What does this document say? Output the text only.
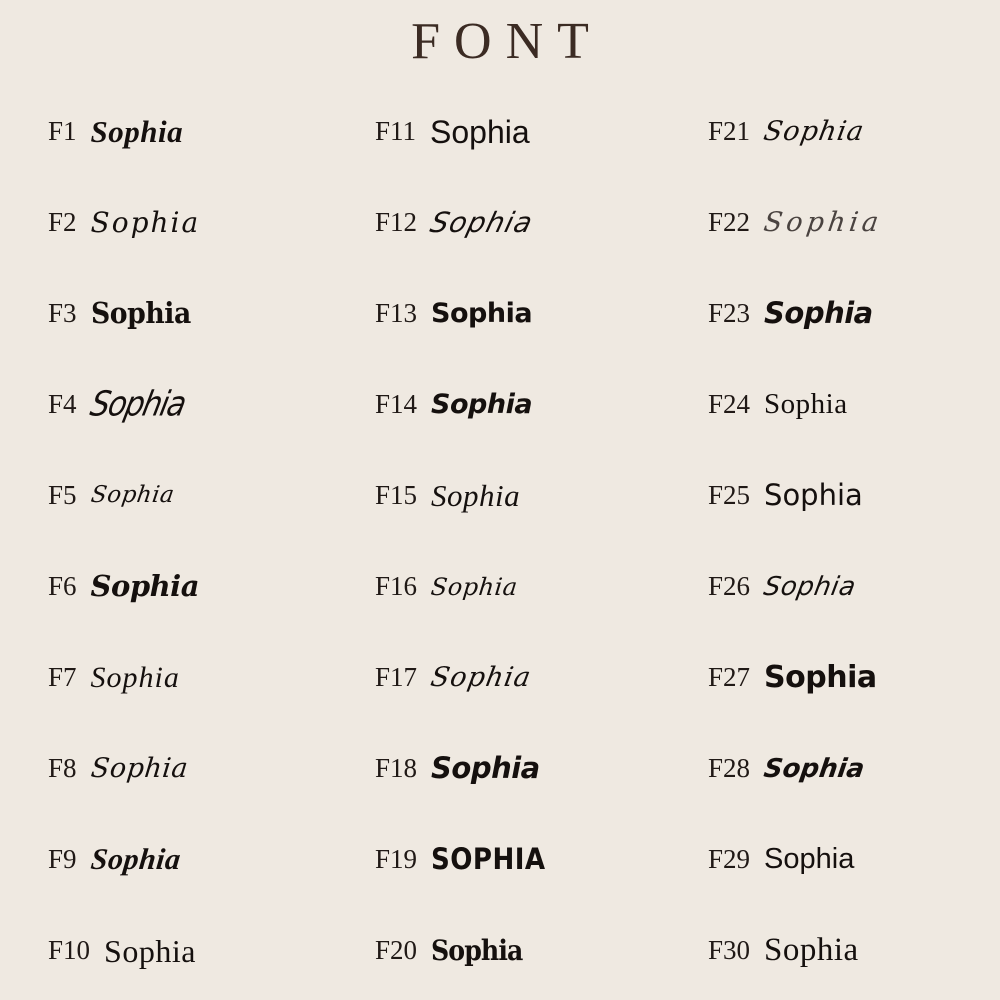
FONT
F1 Sophia	F11 Sophia	F21 Sophia
F2 Sophia	F12 Sophia	F22 Sophia
F3 Sophia	F13 Sophia	F23 Sophia
F4 Sophia	F14 Sophia	F24 Sophia
F5 Sophia	F15 Sophia	F25 Sophia
F6 Sophia	F16 Sophia	F26 Sophia
F7 Sophia	F17 Sophia	F27 Sophia
F8 Sophia	F18 Sophia	F28 Sophia
F9 Sophia	F19 SOPHIA	F29 Sophia
F10 Sophia	F20 Sophia	F30 Sophia
